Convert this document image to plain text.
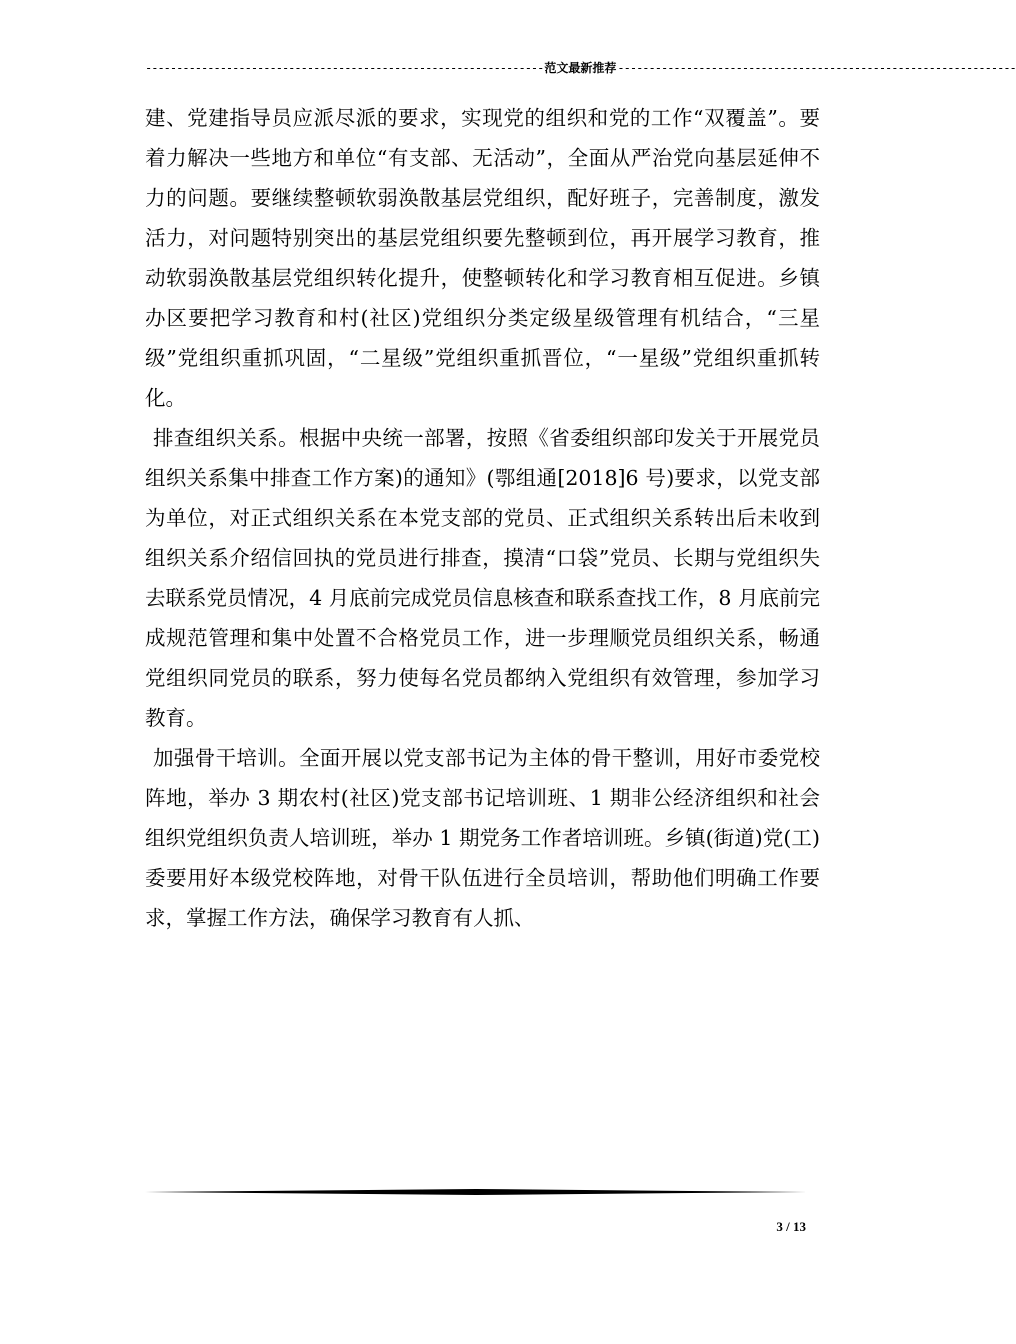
---------------------------------------------------------------- 范文最新推荐 ----------------------------------------------------------------

建、党建指导员应派尽派的要求，实现党的组织和党的工作“双覆盖”。要着力解决一些地方和单位“有支部、无活动”，全面从严治党向基层延伸不力的问题。要继续整顿软弱涣散基层党组织，配好班子，完善制度，激发活力，对问题特别突出的基层党组织要先整顿到位，再开展学习教育，推动软弱涣散基层党组织转化提升，使整顿转化和学习教育相互促进。乡镇办区要把学习教育和村(社区)党组织分类定级星级管理有机结合，“三星级”党组织重抓巩固，“二星级”党组织重抓晋位，“一星级”党组织重抓转化。

排查组织关系。根据中央统一部署，按照《省委组织部印发关于开展党员组织关系集中排查工作方案)的通知》(鄂组通[2018]6 号)要求，以党支部为单位，对正式组织关系在本党支部的党员、正式组织关系转出后未收到组织关系介绍信回执的党员进行排查，摸清“口袋”党员、长期与党组织失去联系党员情况，4 月底前完成党员信息核查和联系查找工作，8 月底前完成规范管理和集中处置不合格党员工作，进一步理顺党员组织关系，畅通党组织同党员的联系，努力使每名党员都纳入党组织有效管理，参加学习教育。

加强骨干培训。全面开展以党支部书记为主体的骨干整训，用好市委党校阵地，举办 3 期农村(社区)党支部书记培训班、1 期非公经济组织和社会组织党组织负责人培训班，举办 1 期党务工作者培训班。乡镇(街道)党(工)委要用好本级党校阵地，对骨干队伍进行全员培训，帮助他们明确工作要求，掌握工作方法，确保学习教育有人抓、

3 / 13
